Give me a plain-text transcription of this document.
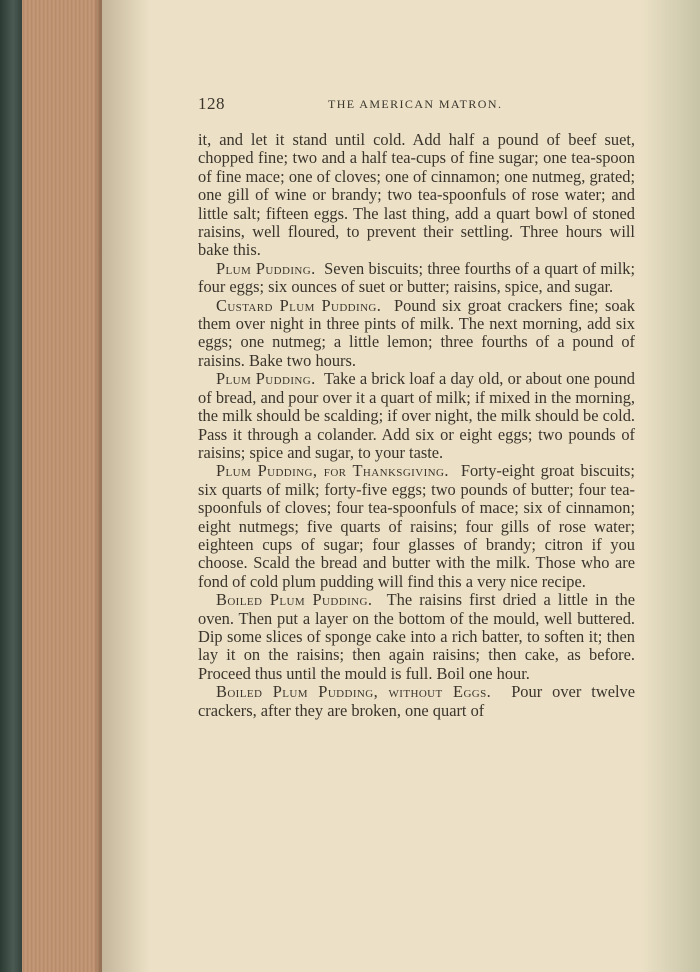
128	THE AMERICAN MATRON.

it, and let it stand until cold. Add half a pound of beef suet, chopped fine; two and a half tea-cups of fine sugar; one tea-spoon of fine mace; one of cloves; one of cinnamon; one nutmeg, grated; one gill of wine or brandy; two tea-spoonfuls of rose water; and little salt; fifteen eggs. The last thing, add a quart bowl of stoned raisins, well floured, to prevent their settling. Three hours will bake this.

Plum Pudding. Seven biscuits; three fourths of a quart of milk; four eggs; six ounces of suet or butter; raisins, spice, and sugar.

Custard Plum Pudding. Pound six groat crackers fine; soak them over night in three pints of milk. The next morning, add six eggs; one nutmeg; a little lemon; three fourths of a pound of raisins. Bake two hours.

Plum Pudding. Take a brick loaf a day old, or about one pound of bread, and pour over it a quart of milk; if mixed in the morning, the milk should be scalding; if over night, the milk should be cold. Pass it through a colander. Add six or eight eggs; two pounds of raisins; spice and sugar, to your taste.

Plum Pudding, for Thanksgiving. Forty-eight groat biscuits; six quarts of milk; forty-five eggs; two pounds of butter; four tea-spoonfuls of cloves; four tea-spoonfuls of mace; six of cinnamon; eight nutmegs; five quarts of raisins; four gills of rose water; eighteen cups of sugar; four glasses of brandy; citron if you choose. Scald the bread and butter with the milk. Those who are fond of cold plum pudding will find this a very nice recipe.

Boiled Plum Pudding. The raisins first dried a little in the oven. Then put a layer on the bottom of the mould, well buttered. Dip some slices of sponge cake into a rich batter, to soften it; then lay it on the raisins; then again raisins; then cake, as before. Proceed thus until the mould is full. Boil one hour.

Boiled Plum Pudding, without Eggs. Pour over twelve crackers, after they are broken, one quart of
